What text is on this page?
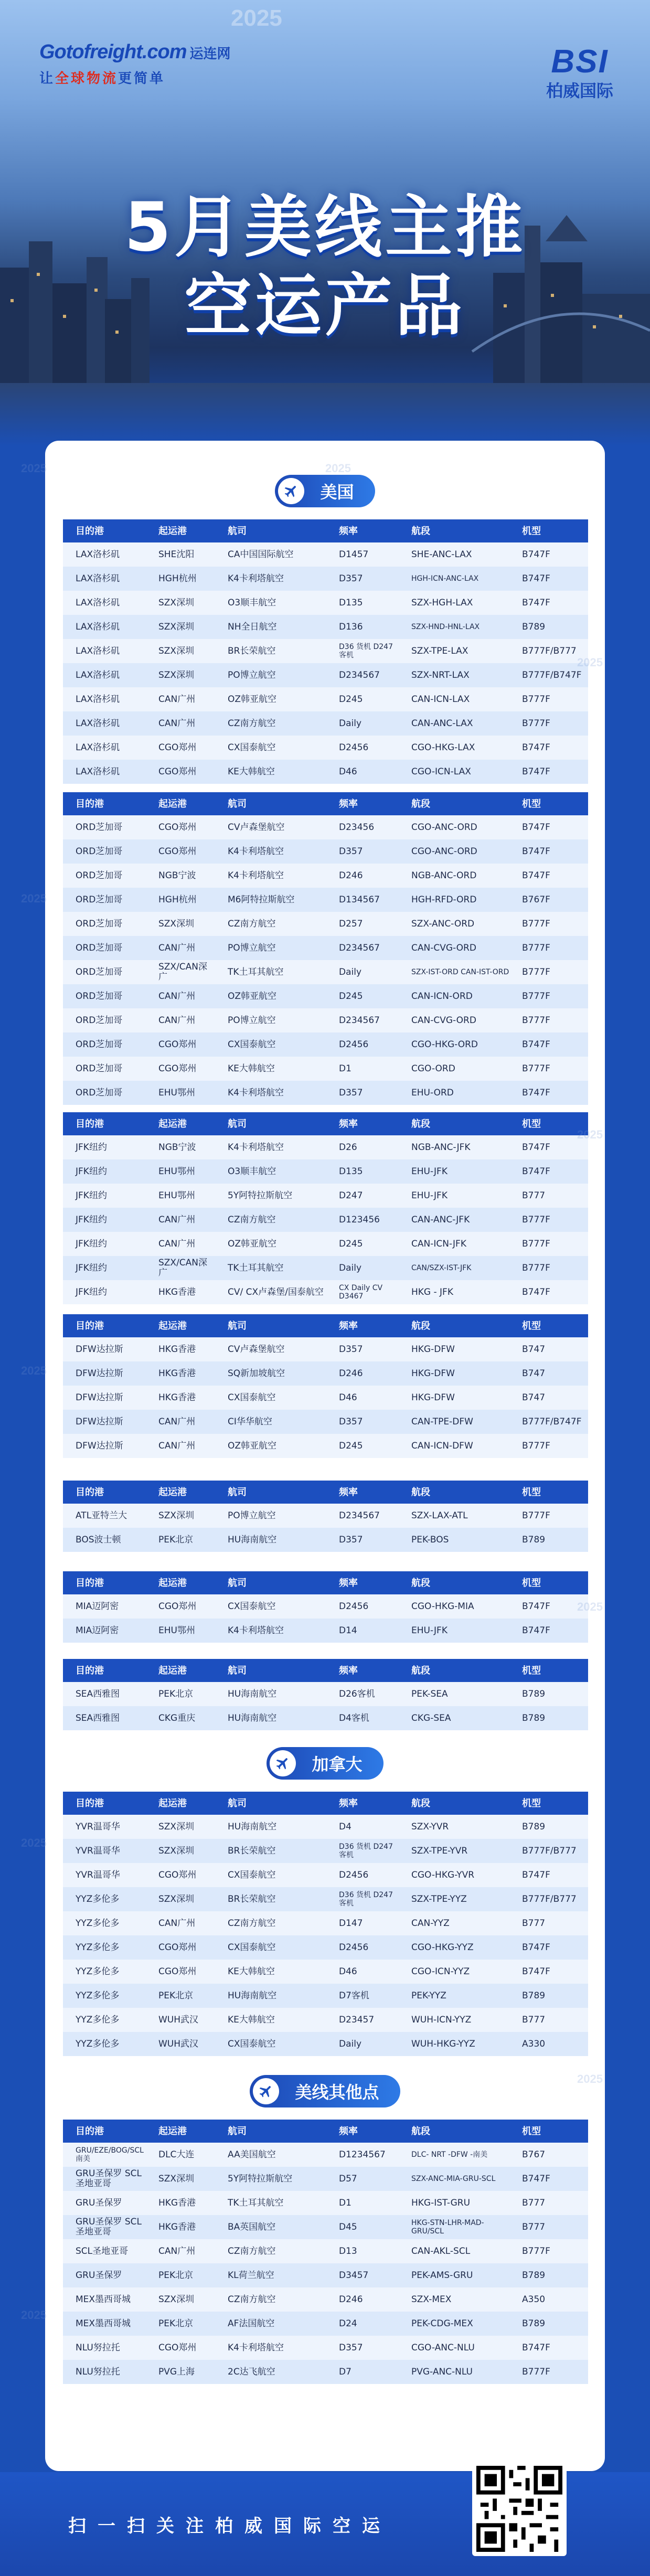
Gotofreight.com 运连网
让全球物流更简单	BSI
柏威国际
2025
5月美线主推
空运产品
美国
目的港	起运港	航司	频率	航段	机型
LAX洛杉矶	SHE沈阳	CA中国国际航空	D1457	SHE-ANC-LAX	B747F
LAX洛杉矶	HGH杭州	K4卡利塔航空	D357	HGH-ICN-ANC-LAX	B747F
LAX洛杉矶	SZX深圳	O3顺丰航空	D135	SZX-HGH-LAX	B747F
LAX洛杉矶	SZX深圳	NH全日航空	D136	SZX-HND-HNL-LAX	B789
LAX洛杉矶	SZX深圳	BR长荣航空	D36 货机 D247 客机	SZX-TPE-LAX	B777F/B777
LAX洛杉矶	SZX深圳	PO博立航空	D234567	SZX-NRT-LAX	B777F/B747F
LAX洛杉矶	CAN广州	OZ韩亚航空	D245	CAN-ICN-LAX	B777F
LAX洛杉矶	CAN广州	CZ南方航空	Daily	CAN-ANC-LAX	B777F
LAX洛杉矶	CGO郑州	CX国泰航空	D2456	CGO-HKG-LAX	B747F
LAX洛杉矶	CGO郑州	KE大韩航空	D46	CGO-ICN-LAX	B747F
目的港	起运港	航司	频率	航段	机型
ORD芝加哥	CGO郑州	CV卢森堡航空	D23456	CGO-ANC-ORD	B747F
ORD芝加哥	CGO郑州	K4卡利塔航空	D357	CGO-ANC-ORD	B747F
ORD芝加哥	NGB宁波	K4卡利塔航空	D246	NGB-ANC-ORD	B747F
ORD芝加哥	HGH杭州	M6阿特拉斯航空	D134567	HGH-RFD-ORD	B767F
ORD芝加哥	SZX深圳	CZ南方航空	D257	SZX-ANC-ORD	B777F
ORD芝加哥	CAN广州	PO博立航空	D234567	CAN-CVG-ORD	B777F
ORD芝加哥	SZX/CAN深广	TK土耳其航空	Daily	SZX-IST-ORD CAN-IST-ORD	B777F
ORD芝加哥	CAN广州	OZ韩亚航空	D245	CAN-ICN-ORD	B777F
ORD芝加哥	CAN广州	PO博立航空	D234567	CAN-CVG-ORD	B777F
ORD芝加哥	CGO郑州	CX国泰航空	D2456	CGO-HKG-ORD	B747F
ORD芝加哥	CGO郑州	KE大韩航空	D1	CGO-ORD	B777F
ORD芝加哥	EHU鄂州	K4卡利塔航空	D357	EHU-ORD	B747F
目的港	起运港	航司	频率	航段	机型
JFK纽约	NGB宁波	K4卡利塔航空	D26	NGB-ANC-JFK	B747F
JFK纽约	EHU鄂州	O3顺丰航空	D135	EHU-JFK	B747F
JFK纽约	EHU鄂州	5Y阿特拉斯航空	D247	EHU-JFK	B777
JFK纽约	CAN广州	CZ南方航空	D123456	CAN-ANC-JFK	B777F
JFK纽约	CAN广州	OZ韩亚航空	D245	CAN-ICN-JFK	B777F
JFK纽约	SZX/CAN深广	TK土耳其航空	Daily	CAN/SZX-IST-JFK	B777F
JFK纽约	HKG香港	CV/ CX卢森堡/国泰航空	CX Daily CV D3467	HKG - JFK	B747F
目的港	起运港	航司	频率	航段	机型
DFW达拉斯	HKG香港	CV卢森堡航空	D357	HKG-DFW	B747
DFW达拉斯	HKG香港	SQ新加坡航空	D246	HKG-DFW	B747
DFW达拉斯	HKG香港	CX国泰航空	D46	HKG-DFW	B747
DFW达拉斯	CAN广州	CI华华航空	D357	CAN-TPE-DFW	B777F/B747F
DFW达拉斯	CAN广州	OZ韩亚航空	D245	CAN-ICN-DFW	B777F
目的港	起运港	航司	频率	航段	机型
ATL亚特兰大	SZX深圳	PO博立航空	D234567	SZX-LAX-ATL	B777F
BOS波士顿	PEK北京	HU海南航空	D357	PEK-BOS	B789
目的港	起运港	航司	频率	航段	机型
MIA迈阿密	CGO郑州	CX国泰航空	D2456	CGO-HKG-MIA	B747F
MIA迈阿密	EHU鄂州	K4卡利塔航空	D14	EHU-JFK	B747F
目的港	起运港	航司	频率	航段	机型
SEA西雅图	PEK北京	HU海南航空	D26客机	PEK-SEA	B789
SEA西雅图	CKG重庆	HU海南航空	D4客机	CKG-SEA	B789
加拿大
目的港	起运港	航司	频率	航段	机型
YVR温哥华	SZX深圳	HU海南航空	D4	SZX-YVR	B789
YVR温哥华	SZX深圳	BR长荣航空	D36 货机 D247 客机	SZX-TPE-YVR	B777F/B777
YVR温哥华	CGO郑州	CX国泰航空	D2456	CGO-HKG-YVR	B747F
YYZ多伦多	SZX深圳	BR长荣航空	D36 货机 D247 客机	SZX-TPE-YYZ	B777F/B777
YYZ多伦多	CAN广州	CZ南方航空	D147	CAN-YYZ	B777
YYZ多伦多	CGO郑州	CX国泰航空	D2456	CGO-HKG-YYZ	B747F
YYZ多伦多	CGO郑州	KE大韩航空	D46	CGO-ICN-YYZ	B747F
YYZ多伦多	PEK北京	HU海南航空	D7客机	PEK-YYZ	B789
YYZ多伦多	WUH武汉	KE大韩航空	D23457	WUH-ICN-YYZ	B777
YYZ多伦多	WUH武汉	CX国泰航空	Daily	WUH-HKG-YYZ	A330
美线其他点
目的港	起运港	航司	频率	航段	机型
GRU/EZE/BOG/SCL南美	DLC大连	AA美国航空	D1234567	DLC- NRT -DFW -南美	B767
GRU圣保罗 SCL圣地亚哥	SZX深圳	5Y阿特拉斯航空	D57	SZX-ANC-MIA-GRU-SCL	B747F
GRU圣保罗	HKG香港	TK土耳其航空	D1	HKG-IST-GRU	B777
GRU圣保罗 SCL圣地亚哥	HKG香港	BA英国航空	D45	HKG-STN-LHR-MAD-GRU/SCL	B777
SCL圣地亚哥	CAN广州	CZ南方航空	D13	CAN-AKL-SCL	B777F
GRU圣保罗	PEK北京	KL荷兰航空	D3457	PEK-AMS-GRU	B789
MEX墨西哥城	SZX深圳	CZ南方航空	D246	SZX-MEX	A350
MEX墨西哥城	PEK北京	AF法国航空	D24	PEK-CDG-MEX	B789
NLU努拉托	CGO郑州	K4卡利塔航空	D357	CGO-ANC-NLU	B747F
NLU努拉托	PVG上海	2C达飞航空	D7	PVG-ANC-NLU	B777F
2025	2025
2025
2025
2025
2025
2025
2025
2025
2025
扫一扫关注柏威国际空运
